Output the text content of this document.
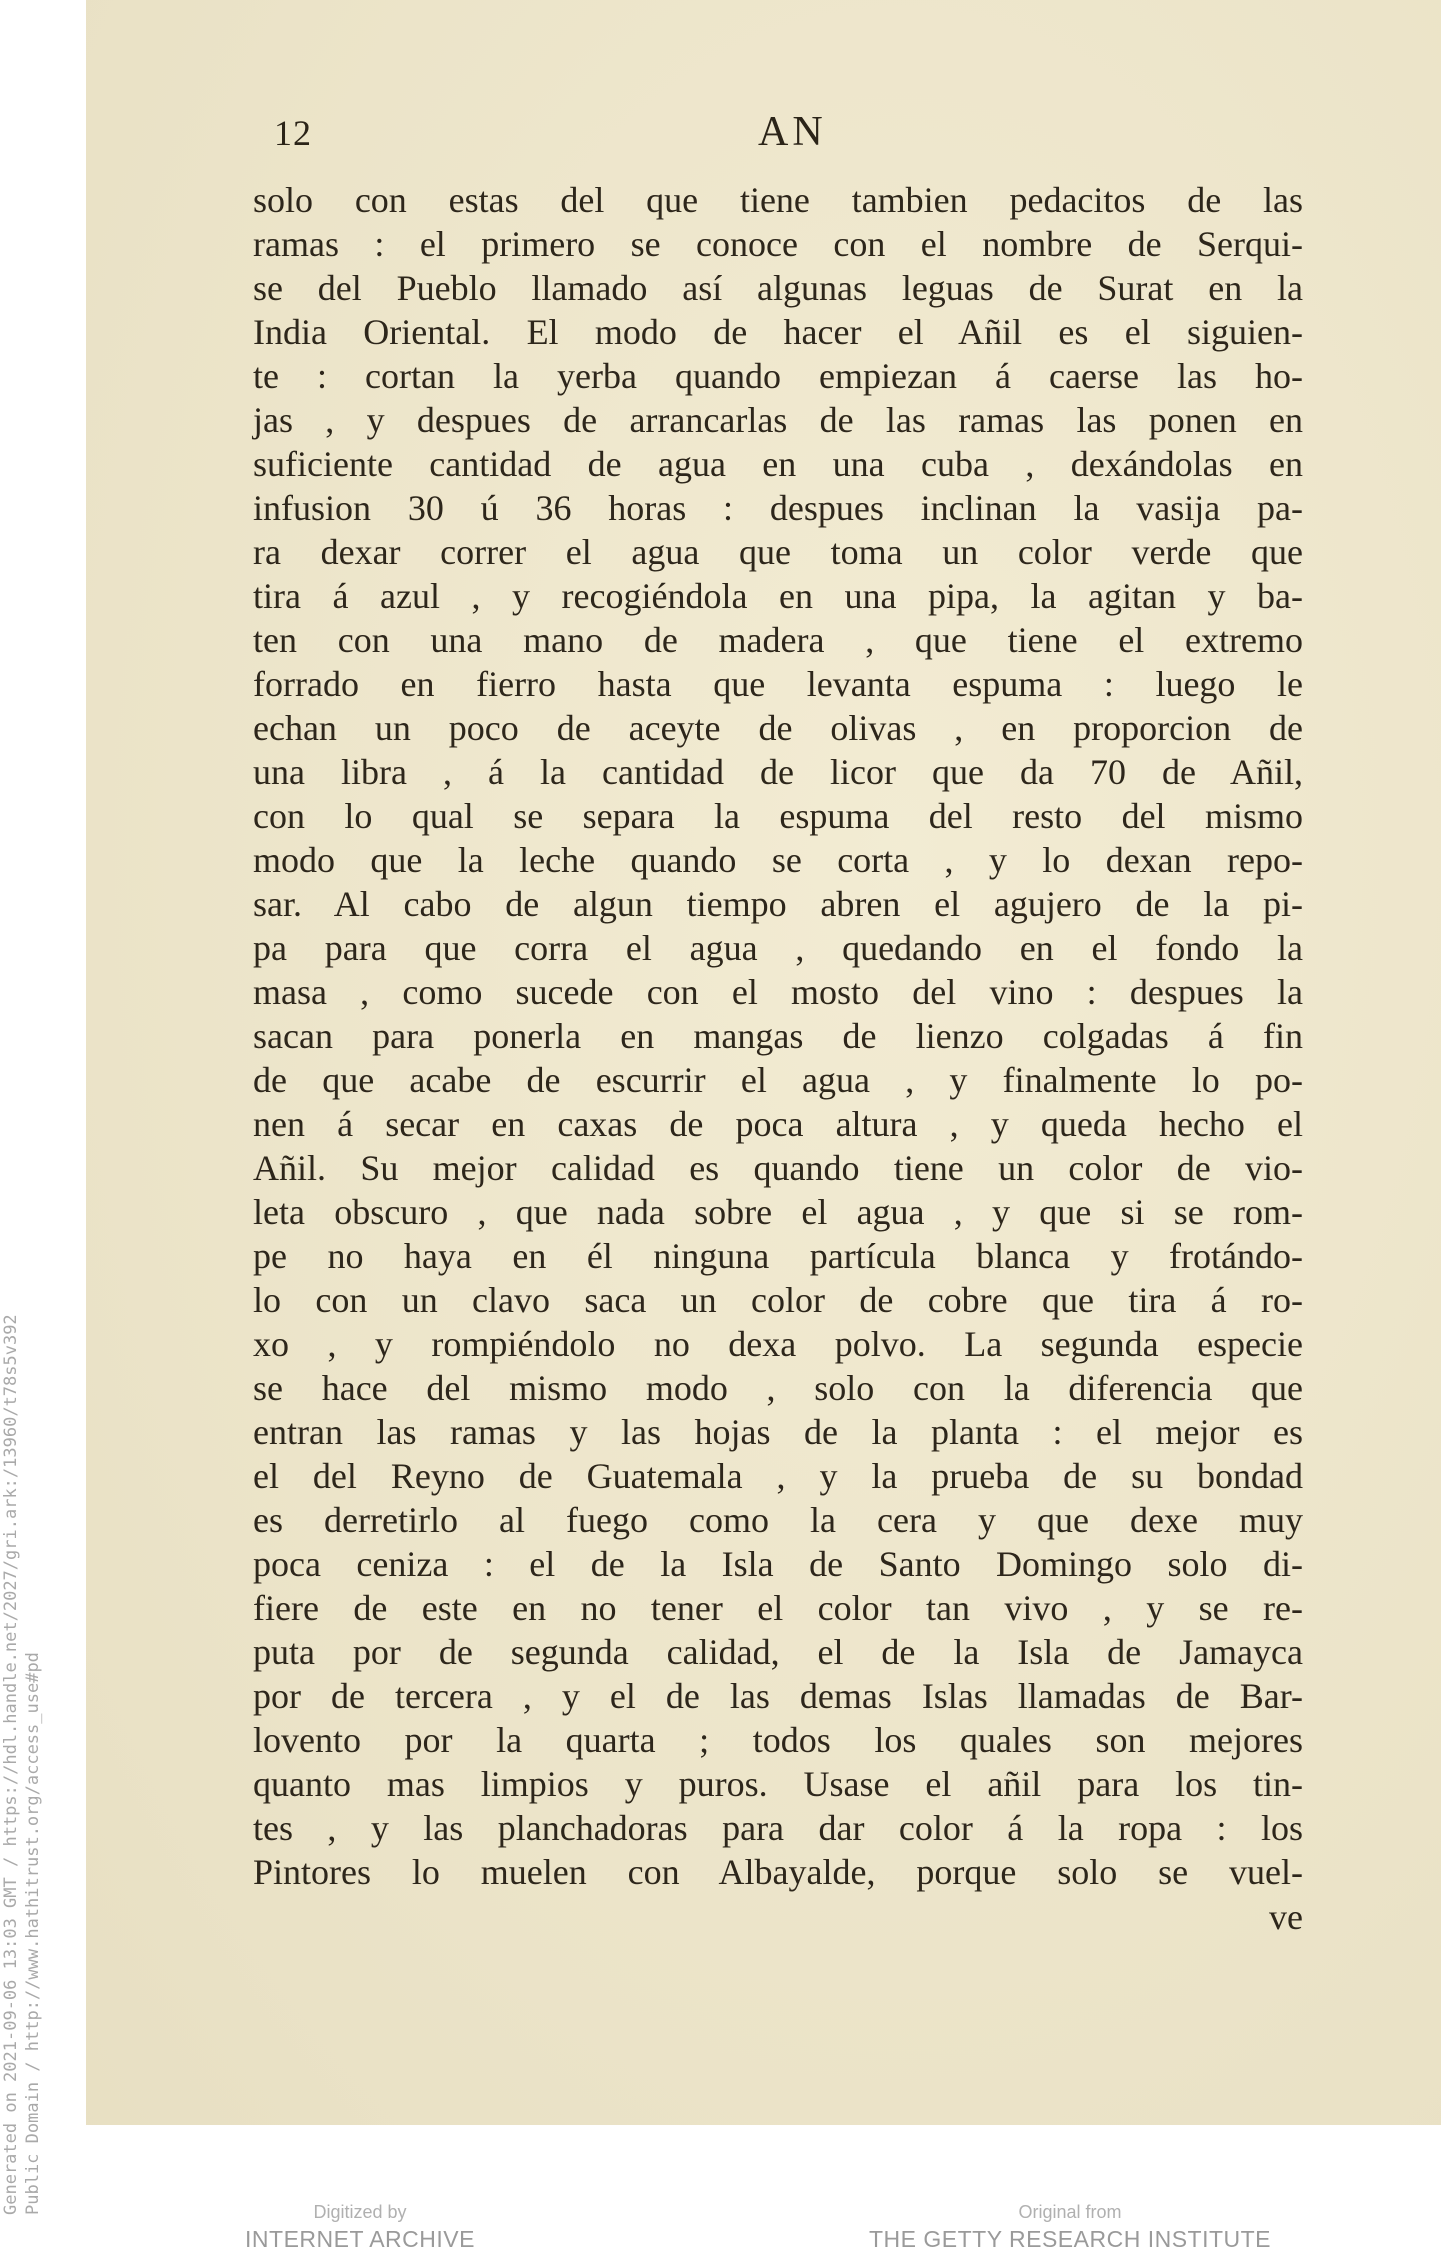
Generated on 2021-09-06 13:03 GMT / https://hdl.handle.net/2027/gri.ark:/13960/t78s5v392 Public Domain / http://www.hathitrust.org/access_use#pd
12	AN
solo con estas del que tiene tambien pedacitos de las
ramas : el primero se conoce con el nombre de Serqui-
se del Pueblo llamado así algunas leguas de Surat en la
India Oriental. El modo de hacer el Añil es el siguien-
te : cortan la yerba quando empiezan á caerse las ho-
jas , y despues de arrancarlas de las ramas las ponen en
suficiente cantidad de agua en una cuba , dexándolas en
infusion 30 ú 36 horas : despues inclinan la vasija pa-
ra dexar correr el agua que toma un color verde que
tira á azul , y recogiéndola en una pipa, la agitan y ba-
ten con una mano de madera , que tiene el extremo
forrado en fierro hasta que levanta espuma : luego le
echan un poco de aceyte de olivas , en proporcion de
una libra , á la cantidad de licor que da 70 de Añil,
con lo qual se separa la espuma del resto del mismo
modo que la leche quando se corta , y lo dexan repo-
sar. Al cabo de algun tiempo abren el agujero de la pi-
pa para que corra el agua , quedando en el fondo la
masa , como sucede con el mosto del vino : despues la
sacan para ponerla en mangas de lienzo colgadas á fin
de que acabe de escurrir el agua , y finalmente lo po-
nen á secar en caxas de poca altura , y queda hecho el
Añil. Su mejor calidad es quando tiene un color de vio-
leta obscuro , que nada sobre el agua , y que si se rom-
pe no haya en él ninguna partícula blanca y frotándo-
lo con un clavo saca un color de cobre que tira á ro-
xo , y rompiéndolo no dexa polvo. La segunda especie
se hace del mismo modo , solo con la diferencia que
entran las ramas y las hojas de la planta : el mejor es
el del Reyno de Guatemala , y la prueba de su bondad
es derretirlo al fuego como la cera y que dexe muy
poca ceniza : el de la Isla de Santo Domingo solo di-
fiere de este en no tener el color tan vivo , y se re-
puta por de segunda calidad, el de la Isla de Jamayca
por de tercera , y el de las demas Islas llamadas de Bar-
lovento por la quarta ; todos los quales son mejores
quanto mas limpios y puros. Usase el añil para los tin-
tes , y las planchadoras para dar color á la ropa : los
Pintores lo muelen con Albayalde, porque solo se vuel-
ve
Digitized by
INTERNET ARCHIVE
Original from
THE GETTY RESEARCH INSTITUTE
